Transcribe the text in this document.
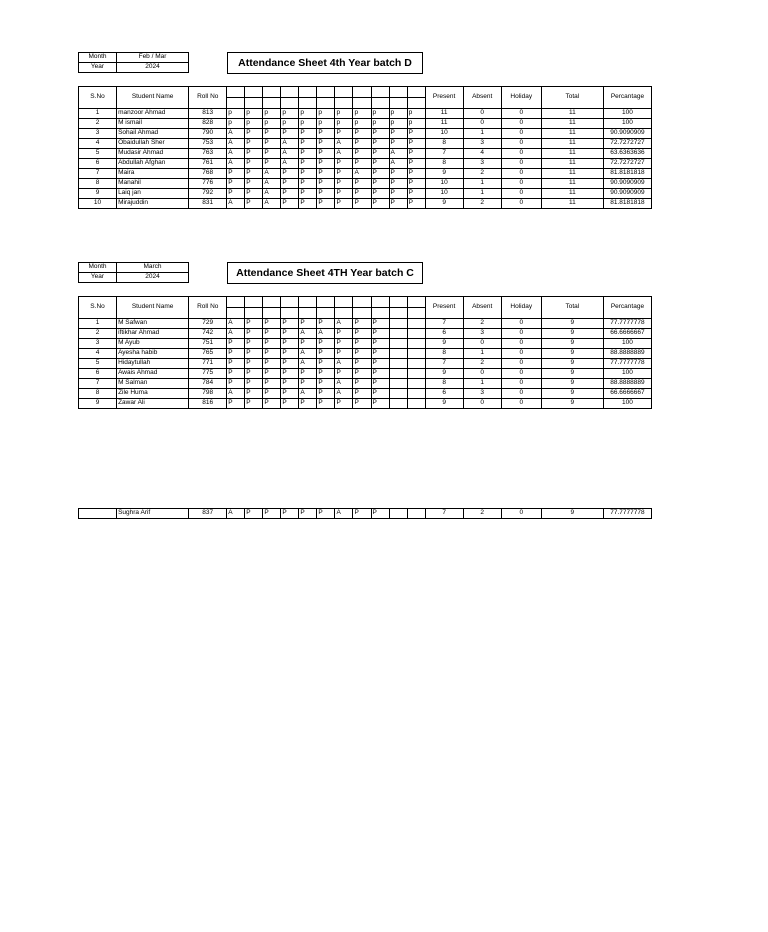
Month	Feb / Mar
Year	2024	Attendance Sheet 4th Year batch D
S.No	Student Name	Roll No												Present	Absent	Holiday	Total	Percantage

1	manzoor Ahmad	813	p	p	p	p	p	p	p	p	p	p	p	11	0	0	11	100
2	M ismail	828	p	p	p	p	p	p	p	p	p	p	p	11	0	0	11	100
3	Sohail Ahmad	790	A	P	P	P	P	P	P	P	P	P	P	10	1	0	11	90.9090909
4	Obaidullah Sher	753	A	P	P	A	P	P	A	P	P	P	P	8	3	0	11	72.7272727
5	Mudasir Ahmad	763	A	P	P	A	P	P	A	P	P	A	P	7	4	0	11	63.6363636
6	Abdullah Afghan	761	A	P	P	A	P	P	P	P	P	A	P	8	3	0	11	72.7272727
7	Maira	768	P	P	A	P	P	P	P	A	P	P	P	9	2	0	11	81.8181818
8	Manahil	776	P	P	A	P	P	P	P	P	P	P	P	10	1	0	11	90.9090909
9	Laiq jan	792	P	P	A	P	P	P	P	P	P	P	P	10	1	0	11	90.9090909
10	Mirajuddin	831	A	P	A	P	P	P	P	P	P	P	P	9	2	0	11	81.8181818
Month	March
Year	2024	Attendance Sheet 4TH Year batch C
S.No	Student Name	Roll No												Present	Absent	Holiday	Total	Percantage

1	M Safwan	729	A	P	P	P	P	P	A	P	P			7	2	0	9	77.7777778
2	iftikhar Ahmad	742	A	P	P	P	A	A	P	P	P			6	3	0	9	66.6666667
3	M Ayub	751	P	P	P	P	P	P	P	P	P			9	0	0	9	100
4	Ayesha habib	765	P	P	P	P	A	P	P	P	P			8	1	0	9	88.8888889
5	Hidaytullah	771	P	P	P	P	A	P	A	P	P			7	2	0	9	77.7777778
6	Awais Ahmad	775	P	P	P	P	P	P	P	P	P			9	0	0	9	100
7	M Salman	784	P	P	P	P	P	P	A	P	P			8	1	0	9	88.8888889
8	Zile Huma	798	A	P	P	P	A	P	A	P	P			6	3	0	9	66.6666667
9	Zawar Ali	816	P	P	P	P	P	P	P	P	P			9	0	0	9	100
	Sughra Arif	837	A	P	P	P	P	P	A	P	P			7	2	0	9	77.7777778
